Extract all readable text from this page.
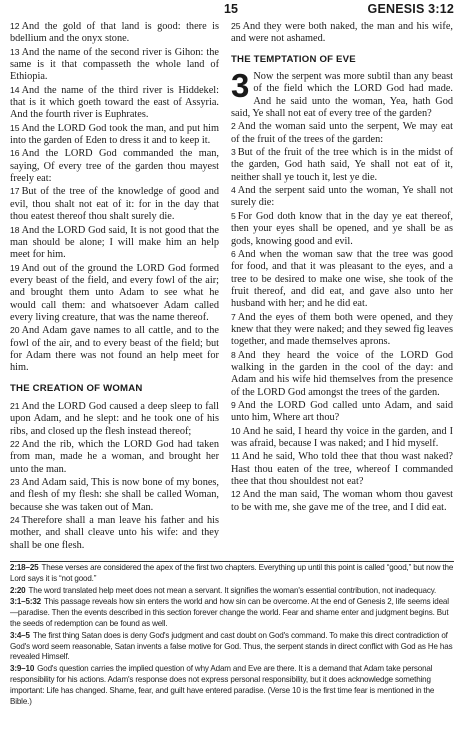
15	GENESIS 3:12

12 And the gold of that land is good: there is bdellium and the onyx stone.

13 And the name of the second river is Gihon: the same is it that compasseth the whole land of Ethiopia.

14 And the name of the third river is Hiddekel: that is it which goeth toward the east of Assyria. And the fourth river is Euphrates.

15 And the LORD God took the man, and put him into the garden of Eden to dress it and to keep it.

16 And the LORD God commanded the man, saying, Of every tree of the garden thou mayest freely eat:

17 But of the tree of the knowledge of good and evil, thou shalt not eat of it: for in the day that thou eatest thereof thou shalt surely die.

18 And the LORD God said, It is not good that the man should be alone; I will make him an help meet for him.

19 And out of the ground the LORD God formed every beast of the field, and every fowl of the air; and brought them unto Adam to see what he would call them: and whatsoever Adam called every living creature, that was the name thereof.

20 And Adam gave names to all cattle, and to the fowl of the air, and to every beast of the field; but for Adam there was not found an help meet for him.

THE CREATION OF WOMAN

21 And the LORD God caused a deep sleep to fall upon Adam, and he slept: and he took one of his ribs, and closed up the flesh instead thereof;

22 And the rib, which the LORD God had taken from man, made he a woman, and brought her unto the man.

23 And Adam said, This is now bone of my bones, and flesh of my flesh: she shall be called Woman, because she was taken out of Man.

24 Therefore shall a man leave his father and his mother, and shall cleave unto his wife: and they shall be one flesh.

25 And they were both naked, the man and his wife, and were not ashamed.

THE TEMPTATION OF EVE

3 Now the serpent was more subtil than any beast of the field which the LORD God had made. And he said unto the woman, Yea, hath God said, Ye shall not eat of every tree of the garden?

2 And the woman said unto the serpent, We may eat of the fruit of the trees of the garden:

3 But of the fruit of the tree which is in the midst of the garden, God hath said, Ye shall not eat of it, neither shall ye touch it, lest ye die.

4 And the serpent said unto the woman, Ye shall not surely die:

5 For God doth know that in the day ye eat thereof, then your eyes shall be opened, and ye shall be as gods, knowing good and evil.

6 And when the woman saw that the tree was good for food, and that it was pleasant to the eyes, and a tree to be desired to make one wise, she took of the fruit thereof, and did eat, and gave also unto her husband with her; and he did eat.

7 And the eyes of them both were opened, and they knew that they were naked; and they sewed fig leaves together, and made themselves aprons.

8 And they heard the voice of the LORD God walking in the garden in the cool of the day: and Adam and his wife hid themselves from the presence of the LORD God amongst the trees of the garden.

9 And the LORD God called unto Adam, and said unto him, Where art thou?

10 And he said, I heard thy voice in the garden, and I was afraid, because I was naked; and I hid myself.

11 And he said, Who told thee that thou wast naked? Hast thou eaten of the tree, whereof I commanded thee that thou shouldest not eat?

12 And the man said, The woman whom thou gavest to be with me, she gave me of the tree, and I did eat.

2:18–25 These verses are considered the apex of the first two chapters. Everything up until this point is called “good,” but now the Lord says it is “not good.”

2:20 The word translated help meet does not mean a servant. It signifies the woman's essential contribution, not inadequacy.

3:1–5:32 This passage reveals how sin enters the world and how sin can be overcome. At the end of Genesis 2, life seems ideal—paradise. Then the events described in this section forever change the world. Fear and shame enter and judgment begins. But the seeds of redemption can be found as well.

3:4–5 The first thing Satan does is deny God's judgment and cast doubt on God's command. To make this direct contradiction of God's word seem reasonable, Satan invents a false motive for God. Thus, the serpent stands in direct conflict with God as He has revealed Himself.

3:9–10 God's question carries the implied question of why Adam and Eve are there. It is a demand that Adam take personal responsibility for his actions. Adam's response does not express personal responsibility, but it does acknowledge something important: Life has changed. Shame, fear, and guilt have entered paradise. (Verse 10 is the first time fear is mentioned in the Bible.)
